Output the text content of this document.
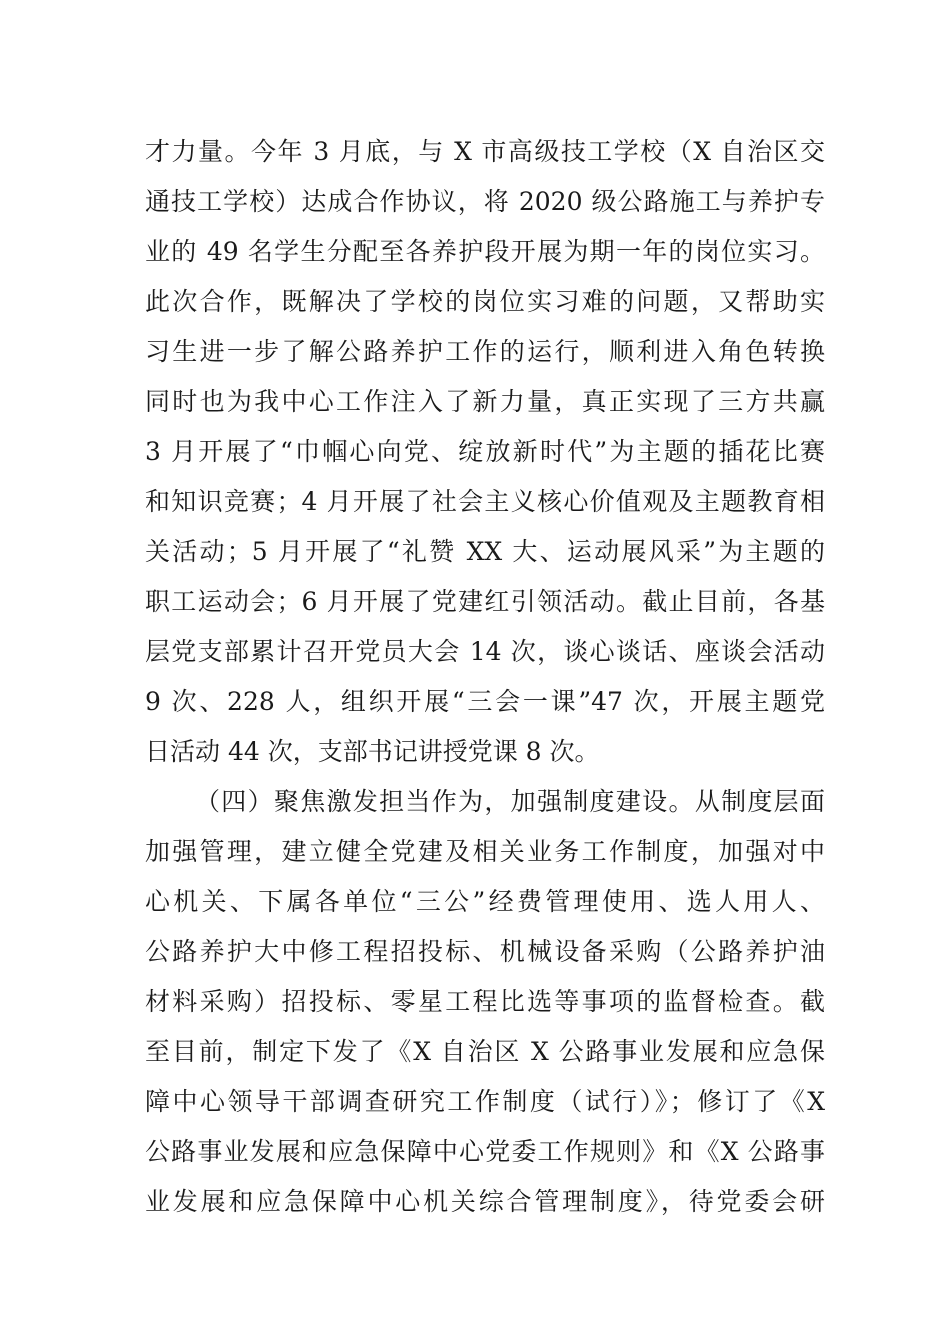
才力量。今年 3 月底，与 X 市高级技工学校（X 自治区交
通技工学校）达成合作协议，将 2020 级公路施工与养护专
业的 49 名学生分配至各养护段开展为期一年的岗位实习。
此次合作，既解决了学校的岗位实习难的问题，又帮助实
习生进一步了解公路养护工作的运行，顺利进入角色转换
同时也为我中心工作注入了新力量，真正实现了三方共赢
3 月开展了“巾帼心向党、绽放新时代”为主题的插花比赛
和知识竞赛；4 月开展了社会主义核心价值观及主题教育相
关活动；5 月开展了“礼赞 XX 大、运动展风采”为主题的
职工运动会；6 月开展了党建红引领活动。截止目前，各基
层党支部累计召开党员大会 14 次，谈心谈话、座谈会活动
9 次、228 人，组织开展“三会一课”47 次，开展主题党
日活动 44 次，支部书记讲授党课 8 次。
（四）聚焦激发担当作为，加强制度建设。从制度层面
加强管理，建立健全党建及相关业务工作制度，加强对中
心机关、下属各单位“三公”经费管理使用、选人用人、
公路养护大中修工程招投标、机械设备采购（公路养护油
材料采购）招投标、零星工程比选等事项的监督检查。截
至目前，制定下发了《X 自治区 X 公路事业发展和应急保
障中心领导干部调查研究工作制度（试行）》；修订了《X
公路事业发展和应急保障中心党委工作规则》和《X 公路事
业发展和应急保障中心机关综合管理制度》，待党委会研
